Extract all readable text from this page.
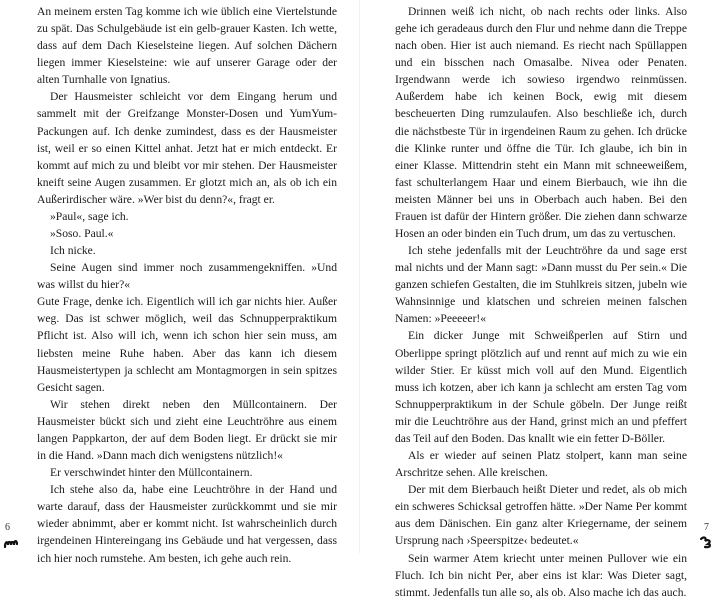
An meinem ersten Tag komme ich wie üblich eine Viertelstunde zu spät. Das Schulgebäude ist ein gelb-grauer Kasten. Ich wette, dass auf dem Dach Kieselsteine liegen. Auf solchen Dächern liegen immer Kieselsteine: wie auf unserer Garage oder der alten Turnhalle von Ignatius.

Der Hausmeister schleicht vor dem Eingang herum und sammelt mit der Greifzange Monster-Dosen und YumYum-Packungen auf. Ich denke zumindest, dass es der Hausmeister ist, weil er so einen Kittel anhat. Jetzt hat er mich entdeckt. Er kommt auf mich zu und bleibt vor mir stehen. Der Hausmeister kneift seine Augen zusammen. Er glotzt mich an, als ob ich ein Außerirdischer wäre. »Wer bist du denn?«, fragt er.

»Paul«, sage ich.

»Soso. Paul.«

Ich nicke.

Seine Augen sind immer noch zusammengekniffen. »Und was willst du hier?«

Gute Frage, denke ich. Eigentlich will ich gar nichts hier. Außer weg. Das ist schwer möglich, weil das Schnupperpraktikum Pflicht ist. Also will ich, wenn ich schon hier sein muss, am liebsten meine Ruhe haben. Aber das kann ich diesem Hausmeistertypen ja schlecht am Montagmorgen in sein spitzes Gesicht sagen.

Wir stehen direkt neben den Müllcontainern. Der Hausmeister bückt sich und zieht eine Leuchtröhre aus einem langen Pappkarton, der auf dem Boden liegt. Er drückt sie mir in die Hand. »Dann mach dich wenigstens nützlich!«

Er verschwindet hinter den Müllcontainern.

Ich stehe also da, habe eine Leuchtröhre in der Hand und warte darauf, dass der Hausmeister zurückkommt und sie mir wieder abnimmt, aber er kommt nicht. Ist wahrscheinlich durch irgendeinen Hintereingang ins Gebäude und hat vergessen, dass ich hier noch rumstehe. Am besten, ich gehe auch rein.

6

Drinnen weiß ich nicht, ob nach rechts oder links. Also gehe ich geradeaus durch den Flur und nehme dann die Treppe nach oben. Hier ist auch niemand. Es riecht nach Spüllappen und ein bisschen nach Omasalbe. Nivea oder Penaten. Irgendwann werde ich sowieso irgendwo reinmüssen. Außerdem habe ich keinen Bock, ewig mit diesem bescheuerten Ding rumzulaufen. Also beschließe ich, durch die nächstbeste Tür in irgendeinen Raum zu gehen. Ich drücke die Klinke runter und öffne die Tür. Ich glaube, ich bin in einer Klasse. Mittendrin steht ein Mann mit schneeweißem, fast schulterlangem Haar und einem Bierbauch, wie ihn die meisten Männer bei uns in Oberbach auch haben. Bei den Frauen ist dafür der Hintern größer. Die ziehen dann schwarze Hosen an oder binden ein Tuch drum, um das zu vertuschen.

Ich stehe jedenfalls mit der Leuchtröhre da und sage erst mal nichts und der Mann sagt: »Dann musst du Per sein.« Die ganzen schiefen Gestalten, die im Stuhlkreis sitzen, jubeln wie Wahnsinnige und klatschen und schreien meinen falschen Namen: »Peeeeer!«

Ein dicker Junge mit Schweißperlen auf Stirn und Oberlippe springt plötzlich auf und rennt auf mich zu wie ein wilder Stier. Er küsst mich voll auf den Mund. Eigentlich muss ich kotzen, aber ich kann ja schlecht am ersten Tag vom Schnupperpraktikum in der Schule göbeln. Der Junge reißt mir die Leuchtröhre aus der Hand, grinst mich an und pfeffert das Teil auf den Boden. Das knallt wie ein fetter D-Böller.

Als er wieder auf seinen Platz stolpert, kann man seine Arschritze sehen. Alle kreischen.

Der mit dem Bierbauch heißt Dieter und redet, als ob mich ein schweres Schicksal getroffen hätte. »Der Name Per kommt aus dem Dänischen. Ein ganz alter Kriegername, der seinem Ursprung nach ›Speerspitze‹ bedeutet.«

Sein warmer Atem kriecht unter meinen Pullover wie ein Fluch. Ich bin nicht Per, aber eins ist klar: Was Dieter sagt, stimmt. Jedenfalls tun alle so, als ob. Also mache ich das auch.

7
